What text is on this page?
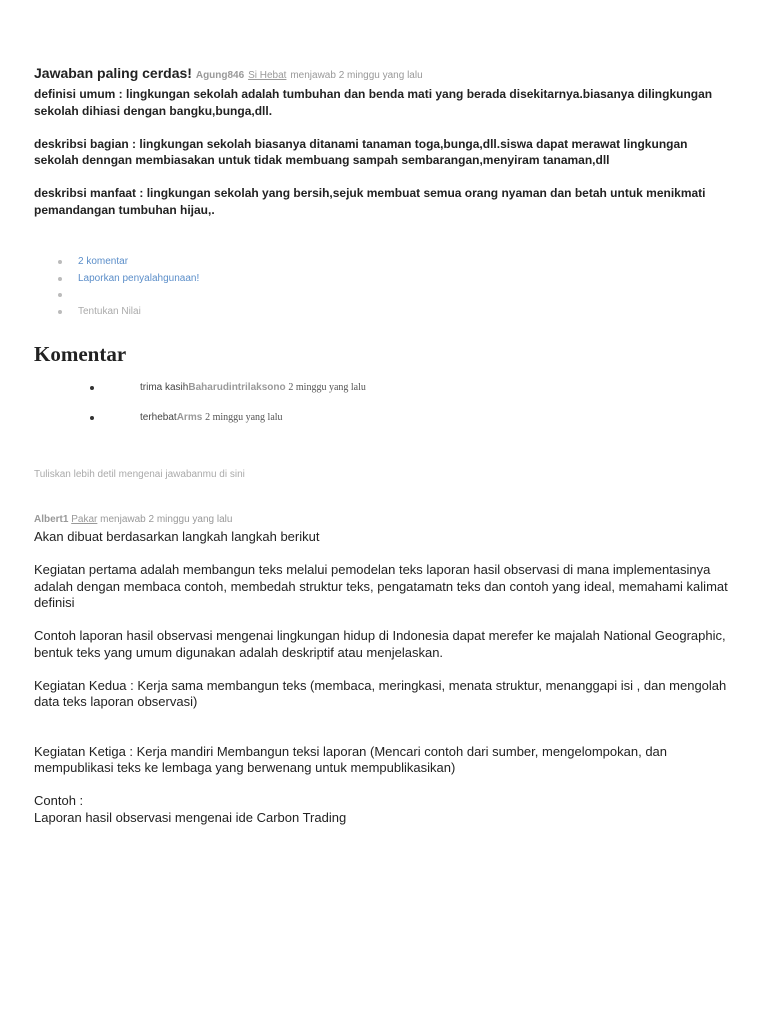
Jawaban paling cerdas! Agung846 Si Hebat menjawab 2 minggu yang lalu

definisi umum : lingkungan sekolah adalah tumbuhan dan benda mati yang berada disekitarnya.biasanya dilingkungan sekolah dihiasi dengan bangku,bunga,dll.

deskribsi bagian : lingkungan sekolah biasanya ditanami tanaman toga,bunga,dll.siswa dapat merawat lingkungan sekolah denngan membiasakan untuk tidak membuang sampah sembarangan,menyiram tanaman,dll

deskribsi manfaat : lingkungan sekolah yang bersih,sejuk membuat semua orang nyaman dan betah untuk menikmati pemandangan tumbuhan hijau,.

2 komentar
Laporkan penyalahgunaan!
Tentukan Nilai
Komentar
trima kasihBaharudintrilaksono 2 minggu yang lalu
terhebatArms 2 minggu yang lalu
Tuliskan lebih detil mengenai jawabanmu di sini
Albert1 Pakar menjawab 2 minggu yang lalu

Akan dibuat berdasarkan langkah langkah berikut

Kegiatan pertama adalah membangun teks melalui pemodelan teks laporan hasil observasi di mana implementasinya adalah dengan membaca contoh, membedah struktur teks, pengatamatn teks dan contoh yang ideal, memahami kalimat definisi

Contoh laporan hasil observasi mengenai lingkungan hidup di Indonesia dapat merefer ke majalah National Geographic, bentuk teks yang umum digunakan adalah deskriptif atau menjelaskan.

Kegiatan Kedua : Kerja sama membangun teks (membaca, meringkasi, menata struktur, menanggapi isi , dan mengolah data teks laporan observasi)

Kegiatan Ketiga : Kerja mandiri Membangun teksi laporan (Mencari contoh dari sumber, mengelompokan, dan mempublikasi teks ke lembaga yang berwenang untuk mempublikasikan)

Contoh :

Laporan hasil observasi mengenai ide Carbon Trading
